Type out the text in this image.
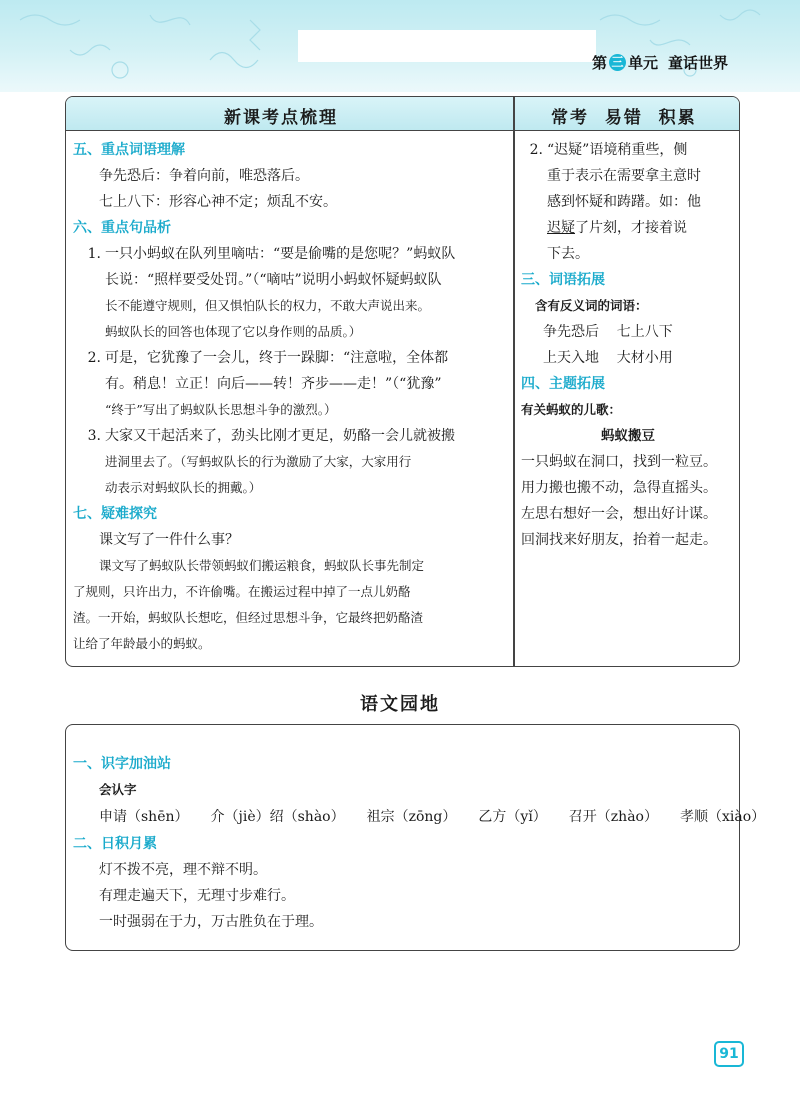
第 三 单元 童话世界
新课考点梳理	常考  易错  积累
五、重点词语理解
争先恐后：争着向前，唯恐落后。
七上八下：形容心神不定；烦乱不安。
六、重点句品析
1. 一只小蚂蚁在队列里嘀咕：“要是偷嘴的是您呢？”蚂蚁队
长说：“照样要受处罚。”（“嘀咕”说明小蚂蚁怀疑蚂蚁队
长不能遵守规则，但又惧怕队长的权力，不敢大声说出来。
蚂蚁队长的回答也体现了它以身作则的品质。）
2. 可是，它犹豫了一会儿，终于一跺脚：“注意啦，全体都
有。稍息！立正！向后——转！齐步——走！”（“犹豫”
“终于”写出了蚂蚁队长思想斗争的激烈。）
3. 大家又干起活来了，劲头比刚才更足，奶酪一会儿就被搬
进洞里去了。（写蚂蚁队长的行为激励了大家，大家用行
动表示对蚂蚁队长的拥戴。）
七、疑难探究
课文写了一件什么事？
课文写了蚂蚁队长带领蚂蚁们搬运粮食，蚂蚁队长事先制定
了规则，只许出力，不许偷嘴。在搬运过程中掉了一点儿奶酪
渣。一开始，蚂蚁队长想吃，但经过思想斗争，它最终把奶酪渣
让给了年龄最小的蚂蚁。
2. “迟疑”语境稍重些，侧
重于表示在需要拿主意时
感到怀疑和踌躇。如：他
迟疑了片刻，才接着说
下去。
三、词语拓展
含有反义词的词语：
争先恐后    七上八下
上天入地    大材小用
四、主题拓展
有关蚂蚁的儿歌：
蚂蚁搬豆
一只蚂蚁在洞口，找到一粒豆。
用力搬也搬不动，急得直摇头。
左思右想好一会，想出好计谋。
回洞找来好朋友，抬着一起走。
语文园地
一、识字加油站
会认字
申请（shēn） 介（jiè）绍（shào） 祖宗（zōng） 乙方（yǐ） 召开（zhào） 孝顺（xiào）
二、日积月累
灯不拨不亮，理不辩不明。
有理走遍天下，无理寸步难行。
一时强弱在于力，万古胜负在于理。
91
